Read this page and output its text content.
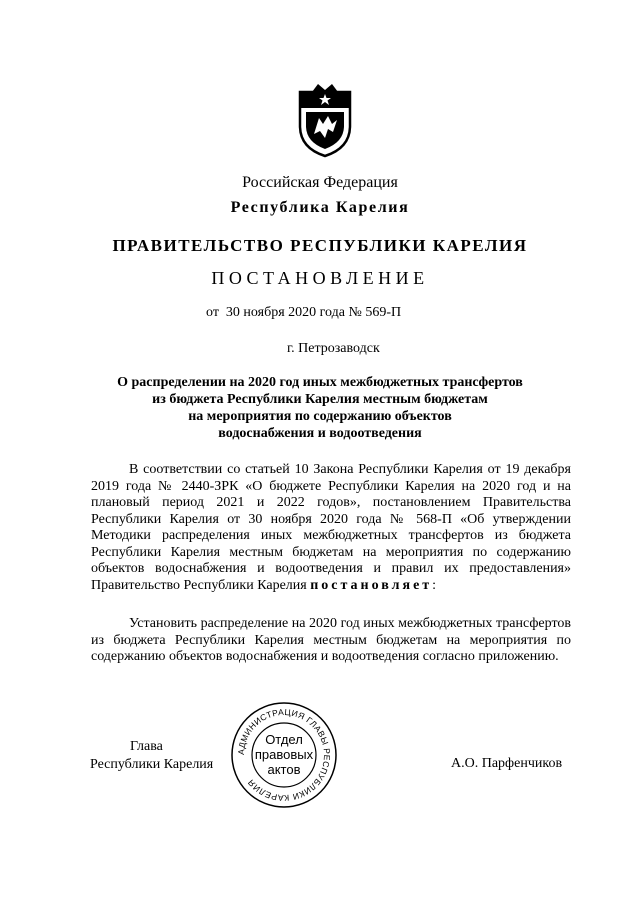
Российская Федерация
Республика Карелия
ПРАВИТЕЛЬСТВО РЕСПУБЛИКИ КАРЕЛИЯ
ПОСТАНОВЛЕНИЕ
от  30 ноября 2020 года № 569-П
г. Петрозаводск
О распределении на 2020 год иных межбюджетных трансфертов
из бюджета Республики Карелия местным бюджетам
на мероприятия по содержанию объектов
водоснабжения и водоотведения
В соответствии со статьей 10 Закона Республики Карелия от 19 декабря 2019 года № 2440-ЗРК «О бюджете Республики Карелия на 2020 год и на плановый период 2021 и 2022 годов», постановлением Правительства Республики Карелия от 30 ноября 2020 года № 568-П «Об утверждении Методики распределения иных межбюджетных трансфертов из бюджета Республики Карелия местным бюджетам на мероприятия по содержанию объектов водоснабжения и водоотведения и правил их предоставления» Правительство Республики Карелия постановляет:
Установить распределение на 2020 год иных межбюджетных трансфертов из бюджета Республики Карелия местным бюджетам на мероприятия по содержанию объектов водоснабжения и водоотведения согласно приложению.
Глава
Республики Карелия	А.О. Парфенчиков
АДМИНИСТРАЦИЯ ГЛАВЫ РЕСПУБЛИКИ КАРЕЛИЯ
Отдел
правовых
актов
